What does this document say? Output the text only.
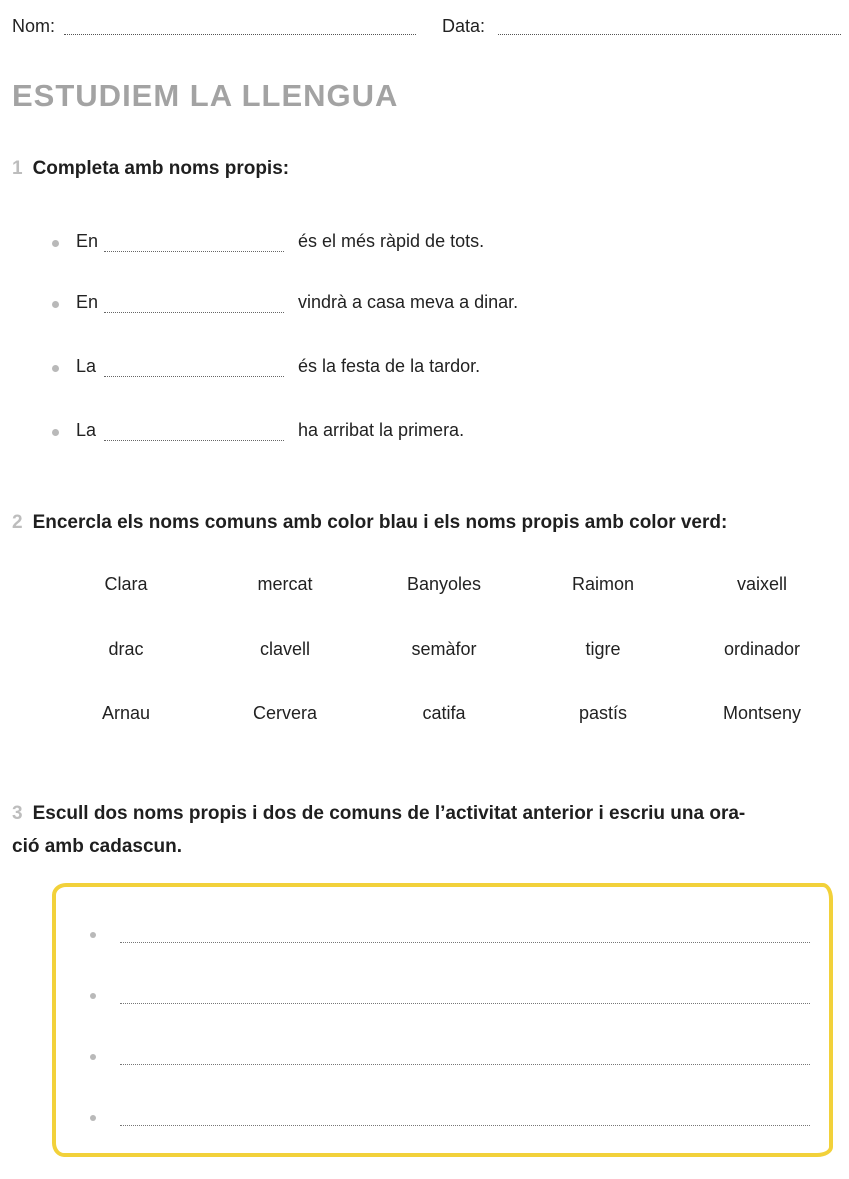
Nom:	Data:
ESTUDIEM LA LLENGUA
1 Completa amb noms propis:
En	és el més ràpid de tots.
En	vindrà a casa meva a dinar.
La	és la festa de la tardor.
La	ha arribat la primera.
2 Encercla els noms comuns amb color blau i els noms propis amb color verd:
Clara	mercat	Banyoles	Raimon	vaixell
drac	clavell	semàfor	tigre	ordinador
Arnau	Cervera	catifa	pastís	Montseny
3 Escull dos noms propis i dos de comuns de l’activitat anterior i escriu una ora-
ció amb cadascun.
